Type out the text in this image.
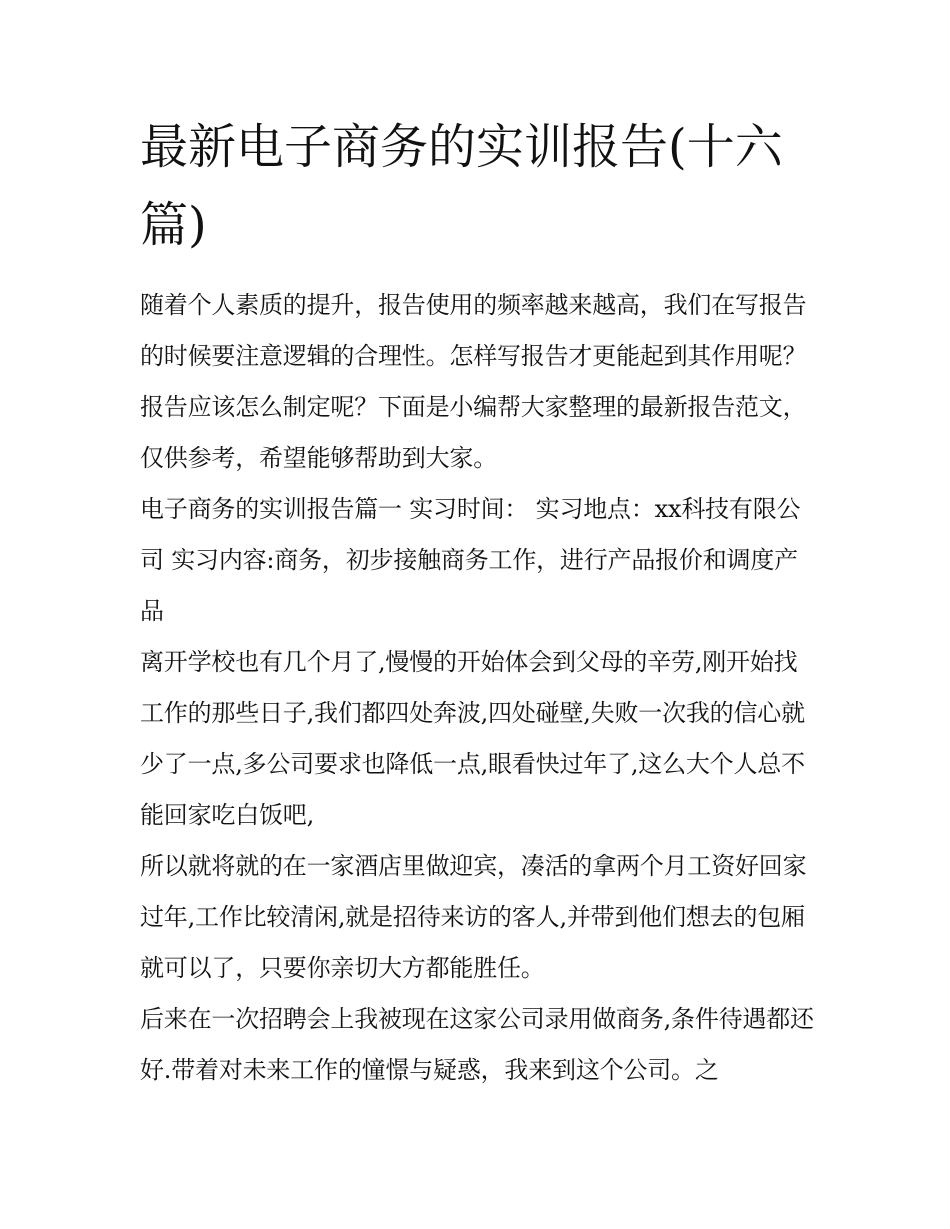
最新电子商务的实训报告(十六篇)

随着个人素质的提升，报告使用的频率越来越高，我们在写报告的时候要注意逻辑的合理性。怎样写报告才更能起到其作用呢？报告应该怎么制定呢？下面是小编帮大家整理的最新报告范文，仅供参考，希望能够帮助到大家。

电子商务的实训报告篇一 实习时间： 实习地点：xx科技有限公司 实习内容:商务，初步接触商务工作，进行产品报价和调度产品

离开学校也有几个月了,慢慢的开始体会到父母的辛劳,刚开始找工作的那些日子,我们都四处奔波,四处碰壁,失败一次我的信心就少了一点,多公司要求也降低一点,眼看快过年了,这么大个人总不能回家吃白饭吧,

所以就将就的在一家酒店里做迎宾，凑活的拿两个月工资好回家过年,工作比较清闲,就是招待来访的客人,并带到他们想去的包厢就可以了，只要你亲切大方都能胜任。

后来在一次招聘会上我被现在这家公司录用做商务,条件待遇都还好.带着对未来工作的憧憬与疑惑，我来到这个公司。之
